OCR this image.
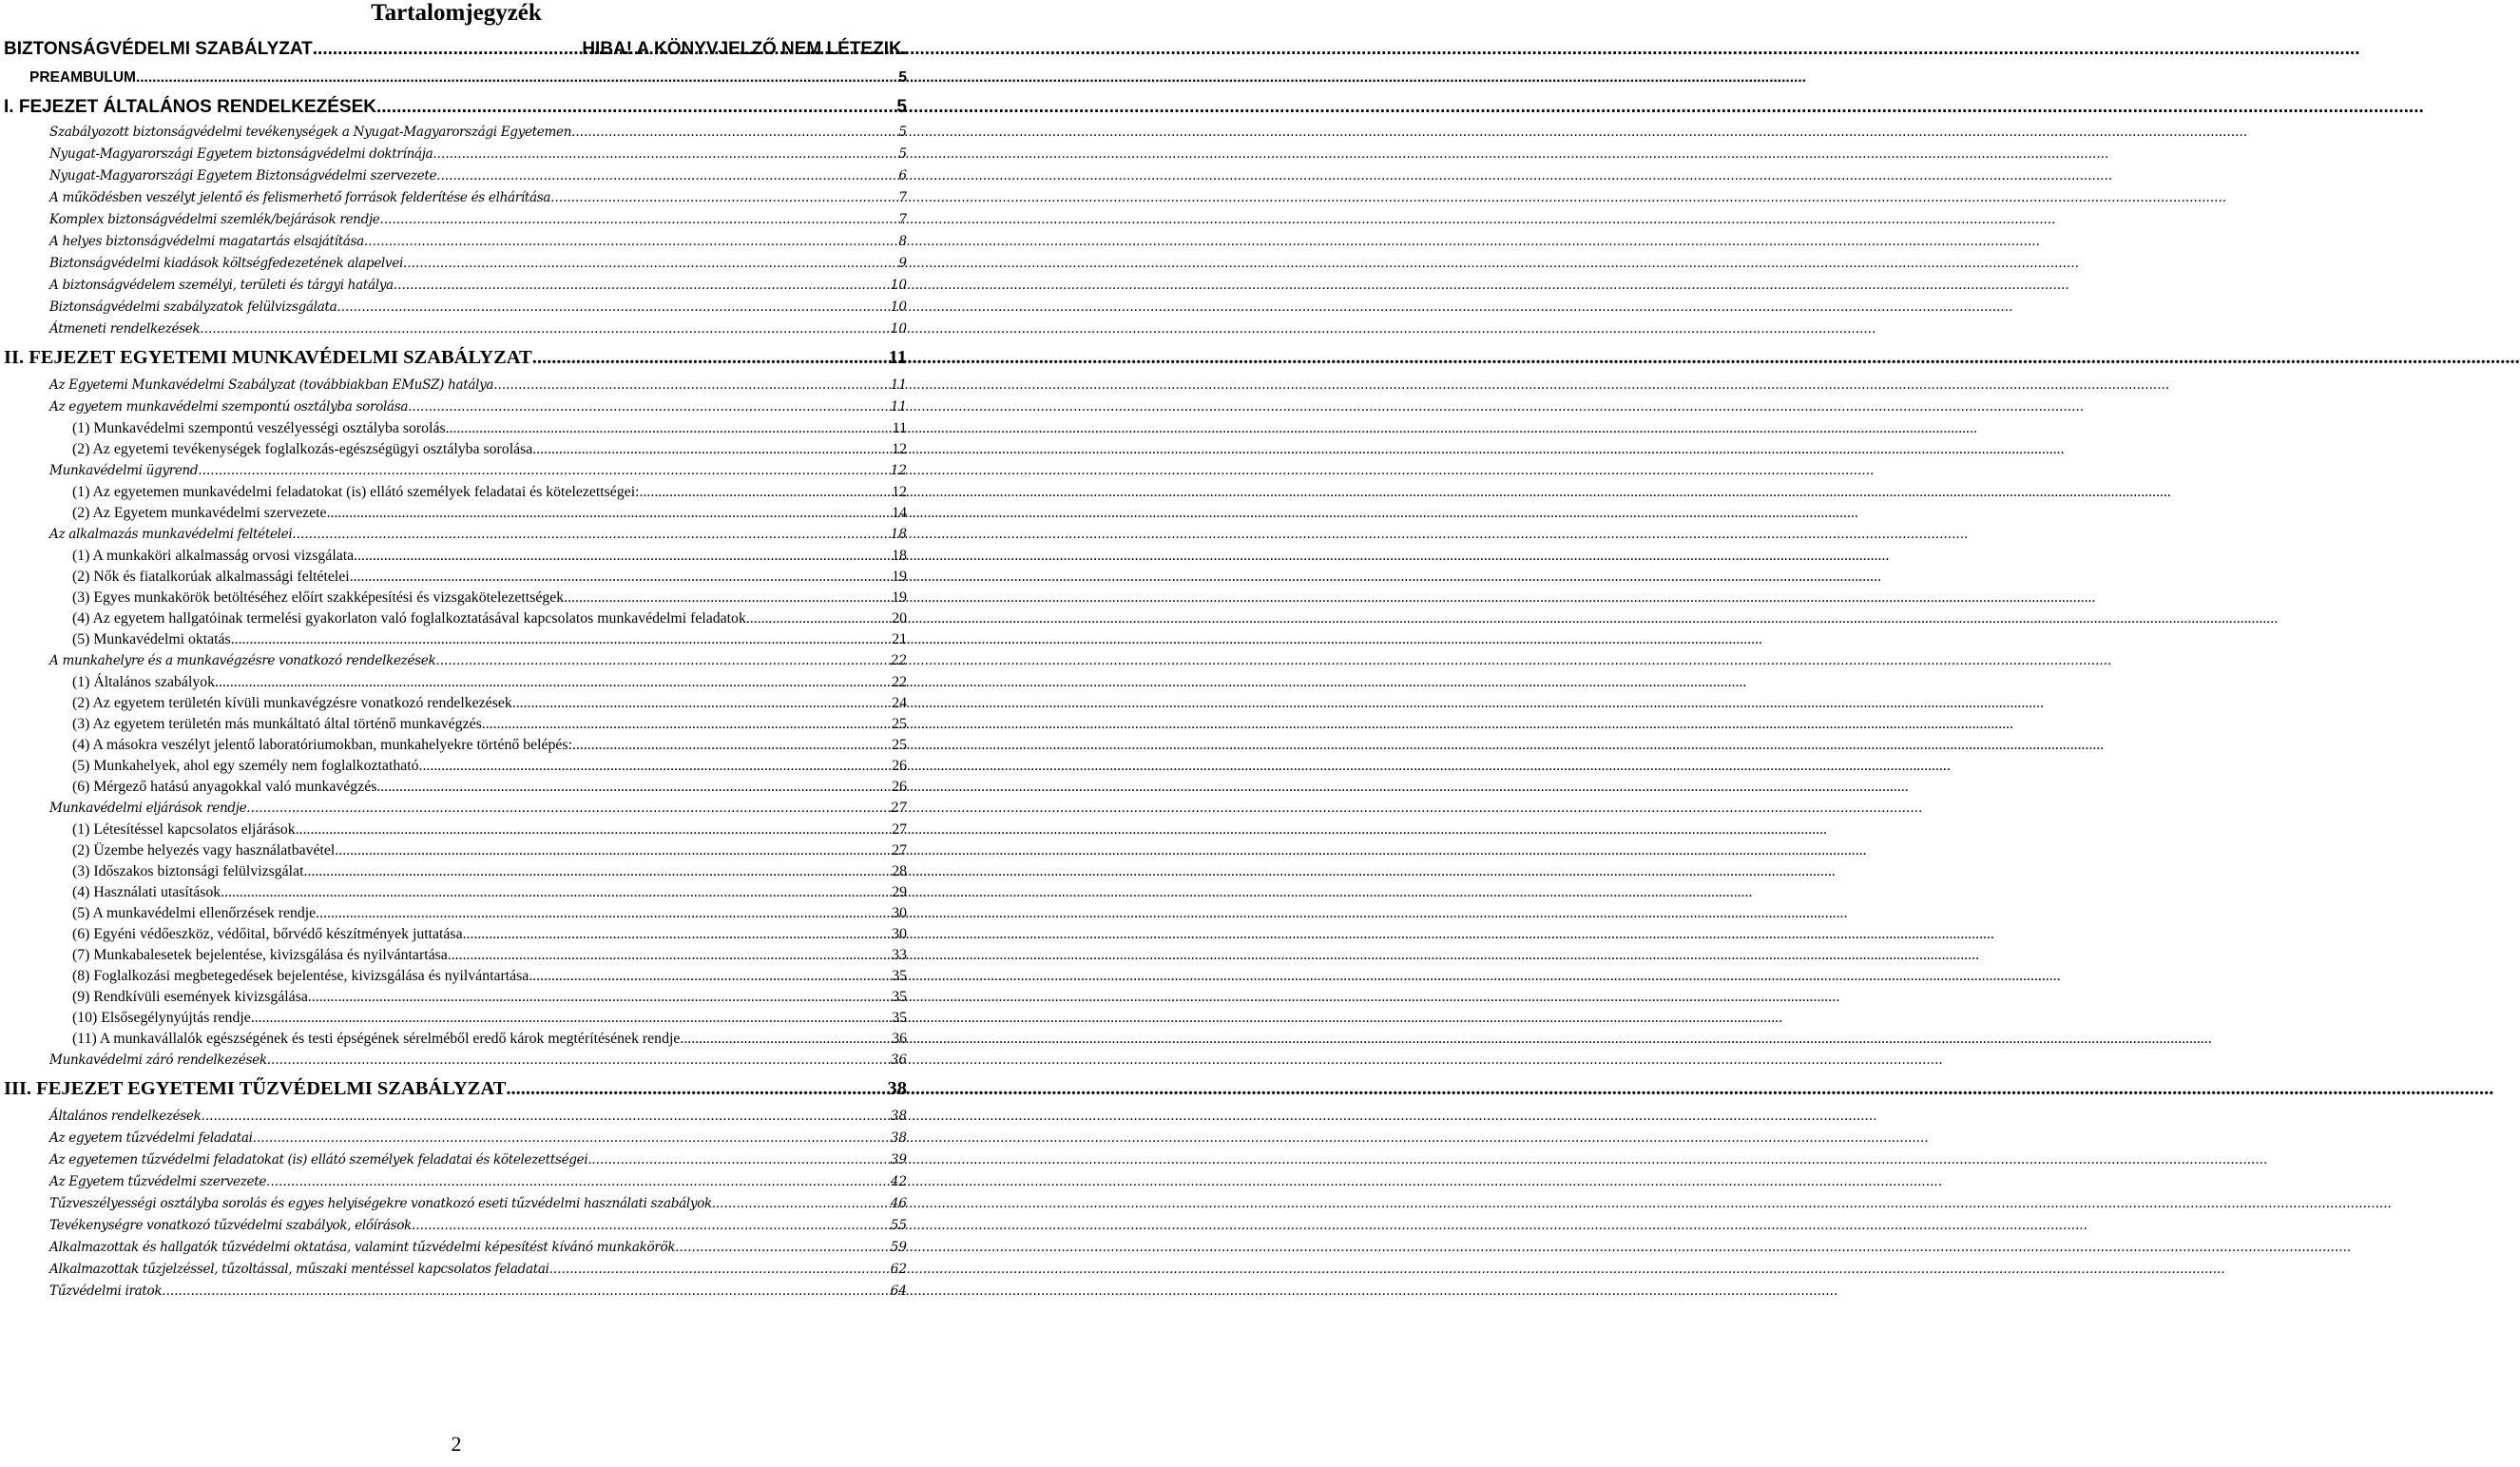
Tartalomjegyzék
BIZTONSÁGVÉDELMI SZABÁLYZAT .....	HIBA! A KÖNYVJELZŐ NEM LÉTEZIK.
PREAMBULUM .....	5
I. FEJEZET ÁLTALÁNOS RENDELKEZÉSEK .....	5
Szabályozott biztonságvédelmi tevékenységek a Nyugat-Magyarországi Egyetemen .....	5
Nyugat-Magyarországi Egyetem biztonságvédelmi doktrínája .....	5
Nyugat-Magyarországi Egyetem Biztonságvédelmi szervezete .....	6
A működésben veszélyt jelentő és felismerhető források felderítése és elhárítása .....	7
Komplex biztonságvédelmi szemlék/bejárások rendje .....	7
A helyes biztonságvédelmi magatartás elsajátítása .....	8
Biztonságvédelmi kiadások költségfedezetének alapelvei .....	9
A biztonságvédelem személyi, területi és tárgyi hatálya .....	10
Biztonságvédelmi szabályzatok felülvizsgálata .....	10
Átmeneti rendelkezések .....	10
II. FEJEZET EGYETEMI MUNKAVÉDELMI SZABÁLYZAT .....	11
Az Egyetemi Munkavédelmi Szabályzat (továbbiakban EMuSZ) hatálya .....	11
Az egyetem munkavédelmi szempontú osztályba sorolása .....	11
(1) Munkavédelmi szempontú veszélyességi osztályba sorolás .....	11
(2) Az egyetemi tevékenységek foglalkozás-egészségügyi osztályba sorolása .....	12
Munkavédelmi ügyrend .....	12
(1) Az egyetemen munkavédelmi feladatokat (is) ellátó személyek feladatai és kötelezettségei: .....	12
(2) Az Egyetem munkavédelmi szervezete .....	14
Az alkalmazás munkavédelmi feltételei .....	18
(1) A munkaköri alkalmasság orvosi vizsgálata. .....	18
(2) Nők és fiatalkorúak alkalmassági feltételei .....	19
(3) Egyes munkakörök betöltéséhez előírt szakképesítési és vizsgakötelezettségek .....	19
(4) Az egyetem hallgatóinak termelési gyakorlaton való foglalkoztatásával kapcsolatos munkavédelmi feladatok .....	20
(5) Munkavédelmi oktatás .....	21
A munkahelyre és a munkavégzésre vonatkozó rendelkezések .....	22
(1) Általános szabályok .....	22
(2) Az egyetem területén kívüli munkavégzésre vonatkozó rendelkezések .....	24
(3) Az egyetem területén más munkáltató által történő munkavégzés .....	25
(4) A másokra veszélyt jelentő laboratóriumokban, munkahelyekre történő belépés: .....	25
(5) Munkahelyek, ahol egy személy nem foglalkoztatható .....	26
(6) Mérgező hatású anyagokkal való munkavégzés .....	26
Munkavédelmi eljárások rendje .....	27
(1) Létesítéssel kapcsolatos eljárások .....	27
(2) Üzembe helyezés vagy használatbavétel .....	27
(3) Időszakos biztonsági felülvizsgálat .....	28
(4) Használati utasítások .....	29
(5) A munkavédelmi ellenőrzések rendje .....	30
(6) Egyéni védőeszköz, védőital, bőrvédő készítmények juttatása .....	30
(7) Munkabalesetek bejelentése, kivizsgálása és nyilvántartása .....	33
(8) Foglalkozási megbetegedések bejelentése, kivizsgálása és nyilvántartása .....	35
(9) Rendkívüli események kivizsgálása .....	35
(10) Elsősegélynyújtás rendje .....	35
(11) A munkavállalók egészségének és testi épségének sérelméből eredő károk megtérítésének rendje .....	36
Munkavédelmi záró rendelkezések .....	36
III. FEJEZET EGYETEMI TŰZVÉDELMI SZABÁLYZAT .....	38
Általános rendelkezések .....	38
Az egyetem tűzvédelmi feladatai .....	38
Az egyetemen tűzvédelmi feladatokat (is) ellátó személyek feladatai és kötelezettségei. .....	39
Az Egyetem tűzvédelmi szervezete .....	42
Tűzveszélyességi osztályba sorolás és egyes helyiségekre vonatkozó eseti tűzvédelmi használati szabályok. .....	46
Tevékenységre vonatkozó tűzvédelmi szabályok, előírások .....	55
Alkalmazottak és hallgatók tűzvédelmi oktatása, valamint tűzvédelmi képesítést kívánó munkakörök .....	59
Alkalmazottak tűzjelzéssel, tűzoltással, műszaki mentéssel kapcsolatos feladatai .....	62
Tűzvédelmi iratok .....	64
2
